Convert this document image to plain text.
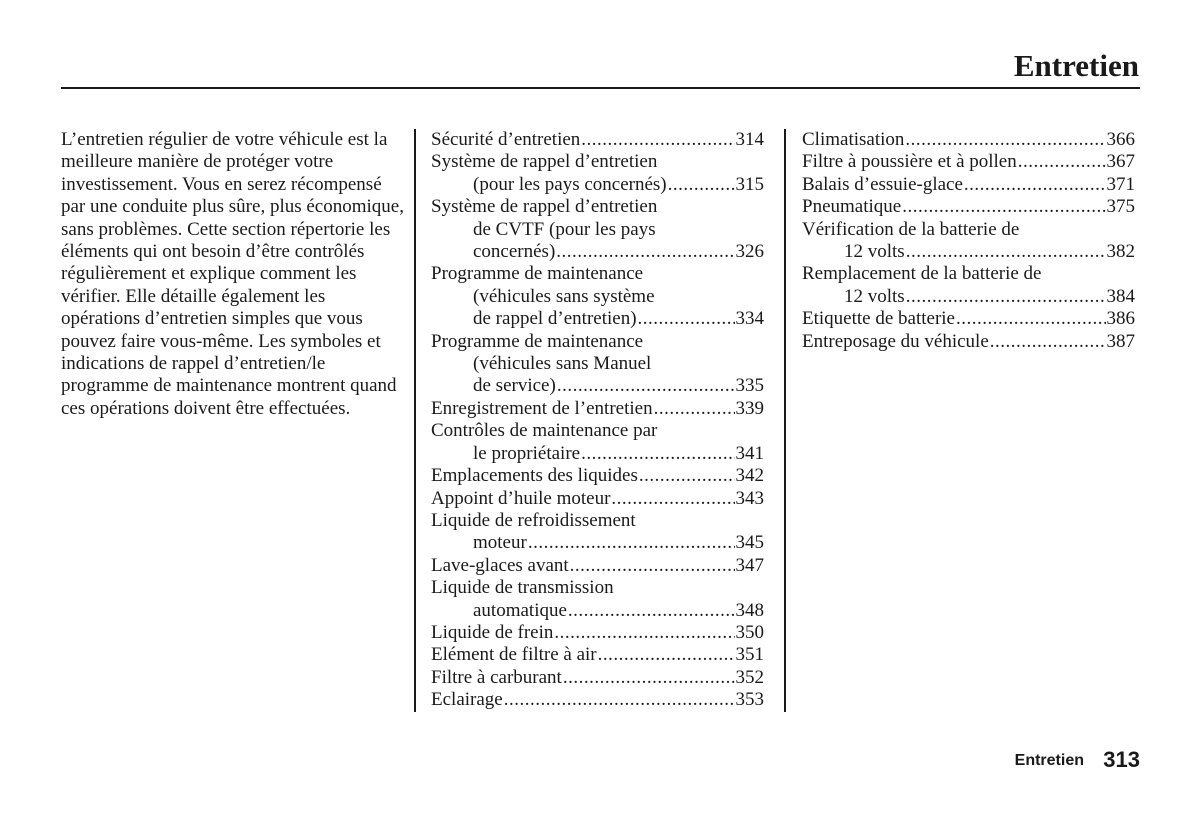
Entretien

L’entretien régulier de votre véhicule est la meilleure manière de protéger votre investissement. Vous en serez récompensé par une conduite plus sûre, plus économique, sans problèmes. Cette section répertorie les éléments qui ont besoin d’être contrôlés régulièrement et explique comment les vérifier. Elle détaille également les opérations d’entretien simples que vous pouvez faire vous-même. Les symboles et indications de rappel d’entretien/le programme de maintenance montrent quand ces opérations doivent être effectuées.

Sécurité d’entretien .....	314
Système de rappel d’entretien
(pour les pays concernés) .....	315
Système de rappel d’entretien
de CVTF (pour les pays
concernés) .....	326
Programme de maintenance
(véhicules sans système
de rappel d’entretien) .....	334
Programme de maintenance
(véhicules sans Manuel
de service) .....	335
Enregistrement de l’entretien .....	339
Contrôles de maintenance par
le propriétaire .....	341
Emplacements des liquides .....	342
Appoint d’huile moteur .....	343
Liquide de refroidissement
moteur .....	345
Lave-glaces avant .....	347
Liquide de transmission
automatique .....	348
Liquide de frein .....	350
Elément de filtre à air .....	351
Filtre à carburant .....	352
Eclairage .....	353
Climatisation .....	366
Filtre à poussière et à pollen .....	367
Balais d’essuie-glace .....	371
Pneumatique .....	375
Vérification de la batterie de
12 volts .....	382
Remplacement de la batterie de
12 volts .....	384
Etiquette de batterie .....	386
Entreposage du véhicule .....	387
Entretien 313
